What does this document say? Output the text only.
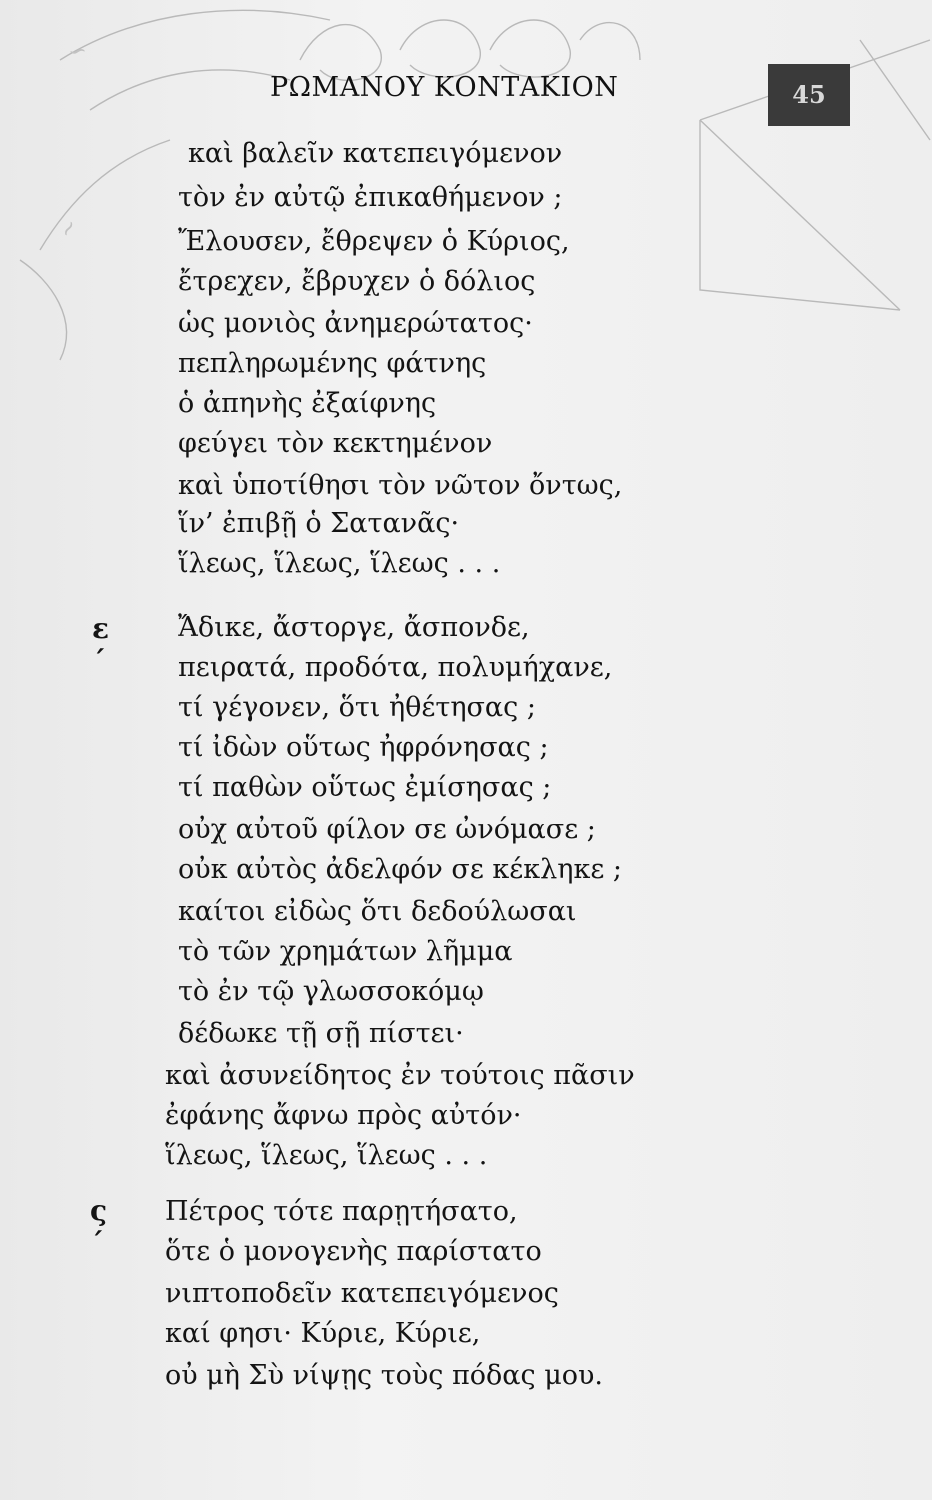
∽
~
ΡΩΜΑΝΟΥ ΚΟΝΤΑΚΙΟΝ	45
καὶ βαλεῖν κατεπειγόμενον
τὸν ἐν αὐτῷ ἐπικαθήμενον ;
Ἔλουσεν, ἔθρεψεν ὁ Κύριος,
ἔτρεχεν, ἔβρυχεν ὁ δόλιος
ὡς μονιὸς ἀνημερώτατος·
πεπληρωμένης φάτνης
ὁ ἀπηνὴς ἐξαίφνης
φεύγει τὸν κεκτημένον
καὶ ὑποτίθησι τὸν νῶτον ὄντως,
ἵν’ ἐπιβῇ ὁ Σατανᾶς·
ἵλεως, ἵλεως, ἵλεως . . .
ε´
Ἄδικε, ἄστοργε, ἄσπονδε,
πειρατά, προδότα, πολυμήχανε,
τί γέγονεν, ὅτι ἠθέτησας ;
τί ἰδὼν οὕτως ἠφρόνησας ;
τί παθὼν οὕτως ἐμίσησας ;
οὐχ αὐτοῦ φίλον σε ὠνόμασε ;
οὐκ αὐτὸς ἀδελφόν σε κέκληκε ;
καίτοι εἰδὼς ὅτι δεδούλωσαι
τὸ τῶν χρημάτων λῆμμα
τὸ ἐν τῷ γλωσσοκόμῳ
δέδωκε τῇ σῇ πίστει·
καὶ ἀσυνείδητος ἐν τούτοις πᾶσιν
ἐφάνης ἄφνω πρὸς αὐτόν·
ἵλεως, ἵλεως, ἵλεως . . .
ς´
Πέτρος τότε παρῃτήσατο,
ὅτε ὁ μονογενὴς παρίστατο
νιπτοποδεῖν κατεπειγόμενος
καί φησι· Κύριε, Κύριε,
οὐ μὴ Σὺ νίψῃς τοὺς πόδας μου.
